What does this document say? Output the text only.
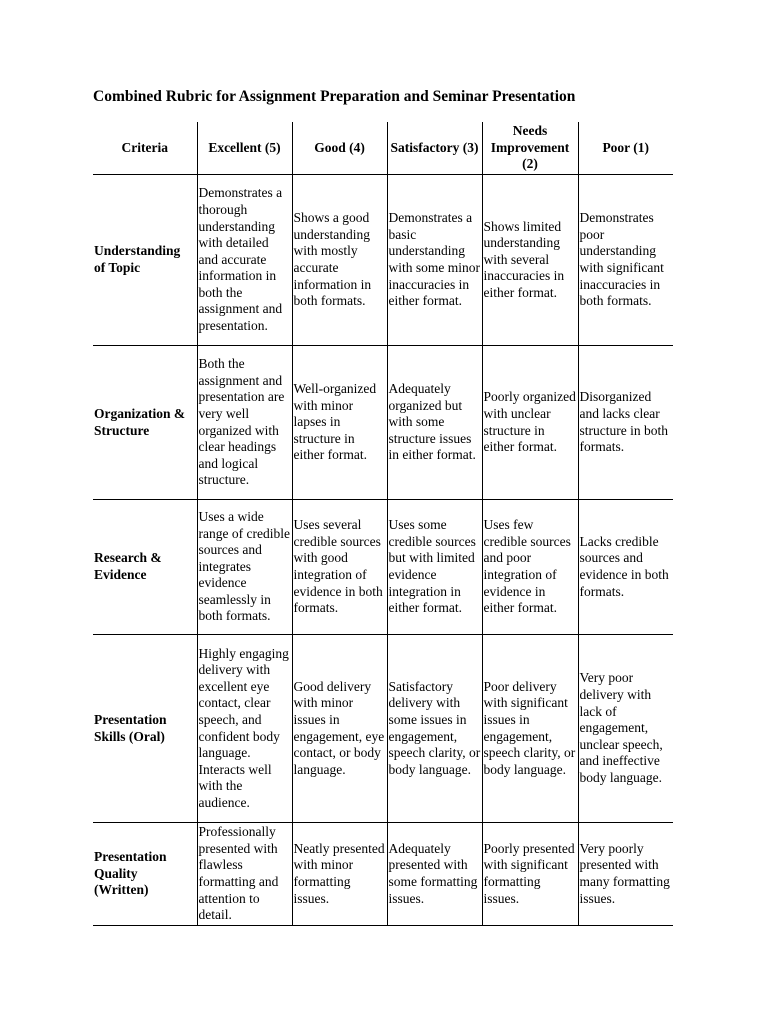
Combined Rubric for Assignment Preparation and Seminar Presentation
Criteria	Excellent (5)	Good (4)	Satisfactory (3)	Needs Improvement (2)	Poor (1)
Understanding of Topic	Demonstrates a thorough understanding with detailed and accurate information in both the assignment and presentation.	Shows a good understanding with mostly accurate information in both formats.	Demonstrates a basic understanding with some minor inaccuracies in either format.	Shows limited understanding with several inaccuracies in either format.	Demonstrates poor understanding with significant inaccuracies in both formats.
Organization & Structure	Both the assignment and presentation are very well organized with clear headings and logical structure.	Well-organized with minor lapses in structure in either format.	Adequately organized but with some structure issues in either format.	Poorly organized with unclear structure in either format.	Disorganized and lacks clear structure in both formats.
Research & Evidence	Uses a wide range of credible sources and integrates evidence seamlessly in both formats.	Uses several credible sources with good integration of evidence in both formats.	Uses some credible sources but with limited evidence integration in either format.	Uses few credible sources and poor integration of evidence in either format.	Lacks credible sources and evidence in both formats.
Presentation Skills (Oral)	Highly engaging delivery with excellent eye contact, clear speech, and confident body language. Interacts well with the audience.	Good delivery with minor issues in engagement, eye contact, or body language.	Satisfactory delivery with some issues in engagement, speech clarity, or body language.	Poor delivery with significant issues in engagement, speech clarity, or body language.	Very poor delivery with lack of engagement, unclear speech, and ineffective body language.
Presentation Quality (Written)	Professionally presented with flawless formatting and attention to detail.	Neatly presented with minor formatting issues.	Adequately presented with some formatting issues.	Poorly presented with significant formatting issues.	Very poorly presented with many formatting issues.
